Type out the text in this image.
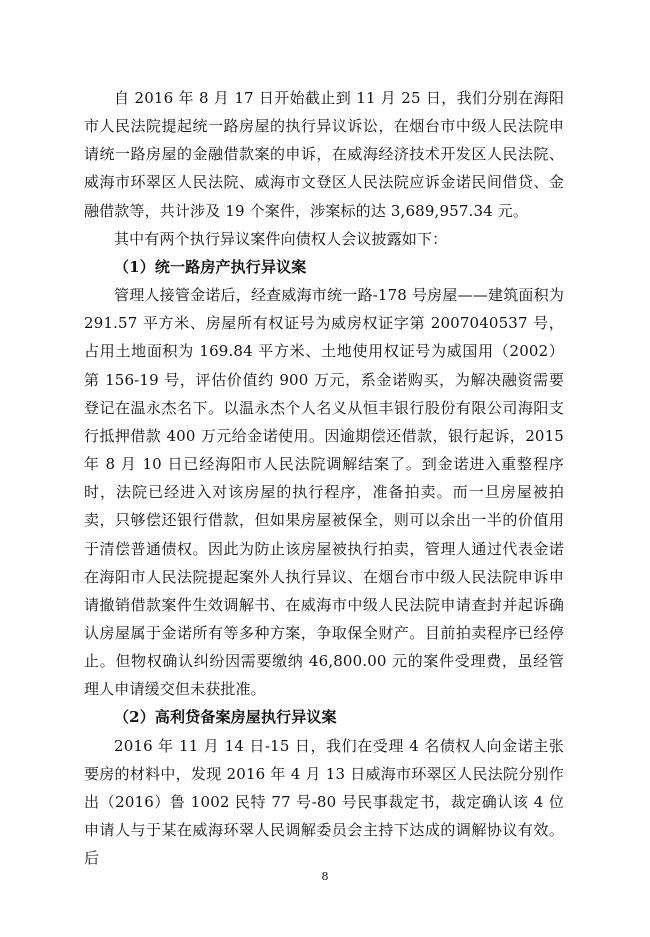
自 2016 年 8 月 17 日开始截止到 11 月 25 日，我们分别在海阳市人民法院提起统一路房屋的执行异议诉讼，在烟台市中级人民法院申请统一路房屋的金融借款案的申诉，在威海经济技术开发区人民法院、威海市环翠区人民法院、威海市文登区人民法院应诉金诺民间借贷、金融借款等，共计涉及 19 个案件，涉案标的达 3,689,957.34 元。

其中有两个执行异议案件向债权人会议披露如下：

（1）统一路房产执行异议案

管理人接管金诺后，经查威海市统一路-178 号房屋——建筑面积为 291.57 平方米、房屋所有权证号为威房权证字第 2007040537 号，占用土地面积为 169.84 平方米、土地使用权证号为威国用（2002）第 156-19 号，评估价值约 900 万元，系金诺购买，为解决融资需要登记在温永杰名下。以温永杰个人名义从恒丰银行股份有限公司海阳支行抵押借款 400 万元给金诺使用。因逾期偿还借款，银行起诉，2015 年 8 月 10 日已经海阳市人民法院调解结案了。到金诺进入重整程序时，法院已经进入对该房屋的执行程序，准备拍卖。而一旦房屋被拍卖，只够偿还银行借款，但如果房屋被保全，则可以余出一半的价值用于清偿普通债权。因此为防止该房屋被执行拍卖，管理人通过代表金诺在海阳市人民法院提起案外人执行异议、在烟台市中级人民法院申诉申请撤销借款案件生效调解书、在威海市中级人民法院申请查封并起诉确认房屋属于金诺所有等多种方案，争取保全财产。目前拍卖程序已经停止。但物权确认纠纷因需要缴纳 46,800.00 元的案件受理费，虽经管理人申请缓交但未获批准。

（2）高利贷备案房屋执行异议案

2016 年 11 月 14 日-15 日，我们在受理 4 名债权人向金诺主张要房的材料中，发现 2016 年 4 月 13 日威海市环翠区人民法院分别作出（2016）鲁 1002 民特 77 号-80 号民事裁定书，裁定确认该 4 位申请人与于某在威海环翠人民调解委员会主持下达成的调解协议有效。后

8
